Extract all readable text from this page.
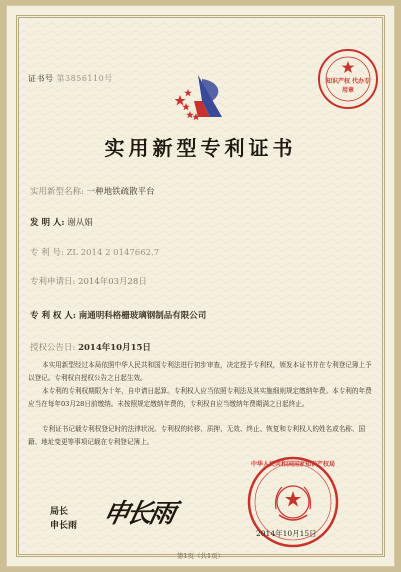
证书号 第3856110号	知识产权 代办专用章
实用新型专利证书
实用新型名称: 一种地铁疏散平台
发 明 人: 谢从娟
专 利 号: ZL 2014 2 0147662.7
专利申请日: 2014年03月28日
专 利 权 人: 南通明科格栅玻璃钢制品有限公司
授权公告日: 2014年10月15日
本实用新型经过本局依照中华人民共和国专利法进行初步审查，决定授予专利权，颁发本证书并在专利登记簿上予以登记。专利权自授权公告之日起生效。
本专利的专利权期限为十年，自申请日起算。专利权人应当依照专利法及其实施细则规定缴纳年费。本专利的年费应当在每年03月28日前缴纳。未按照规定缴纳年费的，专利权自应当缴纳年费期满之日起终止。
专利证书记载专利权登记时的法律状况。专利权的转移、质押、无效、终止、恢复和专利权人的姓名或名称、国籍、地址变更等事项记载在专利登记簿上。
局长
申长雨 申长雨
中华人民共和国国家知识产权局
2014年10月15日
第1页（共1页）
